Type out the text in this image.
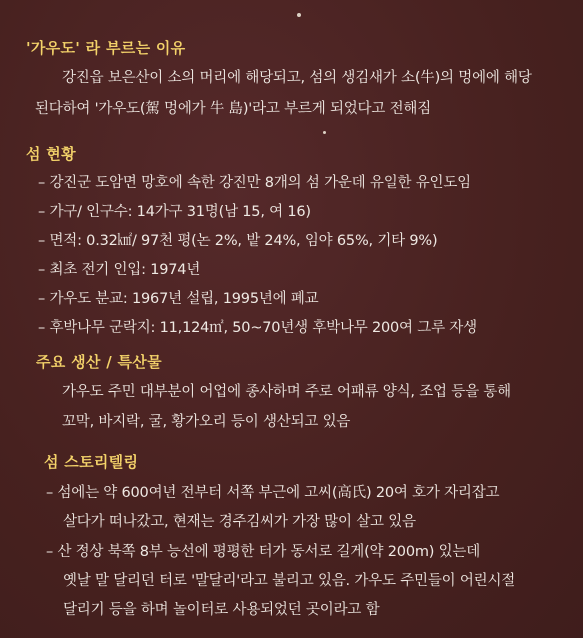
'가우도' 라 부르는 이유
강진읍 보은산이 소의 머리에 해당되고, 섬의 생김새가 소(牛)의 멍에에 해당
된다하여 '가우도(駕 멍에가 牛 島)'라고 부르게 되었다고 전해짐
섬 현황
– 강진군 도암면 망호에 속한 강진만 8개의 섬 가운데 유일한 유인도임
– 가구/ 인구수: 14가구 31명(남 15, 여 16)
– 면적: 0.32㎢/ 97천 평(논 2%, 밭 24%, 임야 65%, 기타 9%)
– 최초 전기 인입: 1974년
– 가우도 분교: 1967년 설립, 1995년에 폐교
– 후박나무 군락지: 11,124㎡, 50~70년생 후박나무 200여 그루 자생
주요 생산 / 특산물
가우도 주민 대부분이 어업에 종사하며 주로 어패류 양식, 조업 등을 통해
꼬막, 바지락, 굴, 황가오리 등이 생산되고 있음
섬 스토리텔링
– 섬에는 약 600여년 전부터 서쪽 부근에 고씨(高氏) 20여 호가 자리잡고
살다가 떠나갔고, 현재는 경주김씨가 가장 많이 살고 있음
– 산 정상 북쪽 8부 능선에 평평한 터가 동서로 길게(약 200m) 있는데
옛날 말 달리던 터로 '말달리'라고 불리고 있음. 가우도 주민들이 어린시절
달리기 등을 하며 놀이터로 사용되었던 곳이라고 함
